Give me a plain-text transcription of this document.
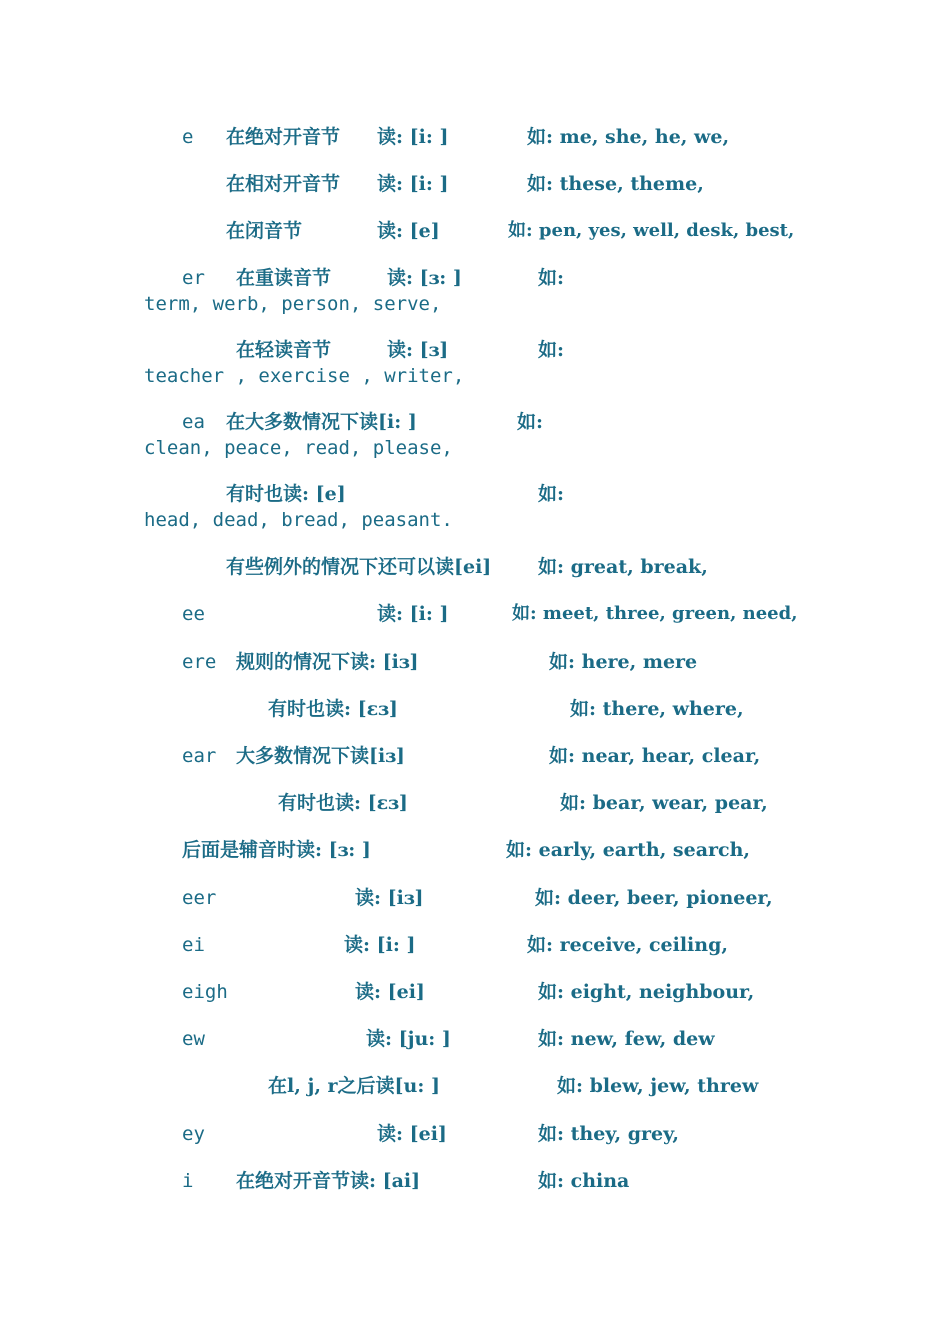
e 在绝对开音节 读: [i: ]	如: me, she, he, we,
在相对开音节 读: [i: ]	如: these, theme,
在闭音节	读: [e]	如: pen, yes, well, desk, best,
er 在重读音节	读: [ɜ: ]	如:
term, werb, person, serve,
在轻读音节	读: [ɜ]	如:
teacher , exercise , writer,
ea 在大多数情况下读[i: ]	如:
clean, peace, read, please,
有时也读: [e]	如:
head, dead, bread, peasant.
有些例外的情况下还可以读[ei] 如: great, break,
ee	读: [i: ]	如: meet, three, green, need,
ere 规则的情况下读: [iɜ]	如: here, mere
有时也读: [εɜ]	如: there, where,
ear 大多数情况下读[iɜ]	如: near, hear, clear,
有时也读: [εɜ]	如: bear, wear, pear,
后面是辅音时读: [ɜ: ]	如: early, earth, search,
eer	读: [iɜ]	如: deer, beer, pioneer,
ei	读: [i: ]	如: receive, ceiling,
eigh	读: [ei]	如: eight, neighbour,
ew	读: [ju: ]	如: new, few, dew
在l, j, r之后读[u: ]	如: blew, jew, threw
ey	读: [ei]	如: they, grey,
i 在绝对开音节读: [ai]	如: china
